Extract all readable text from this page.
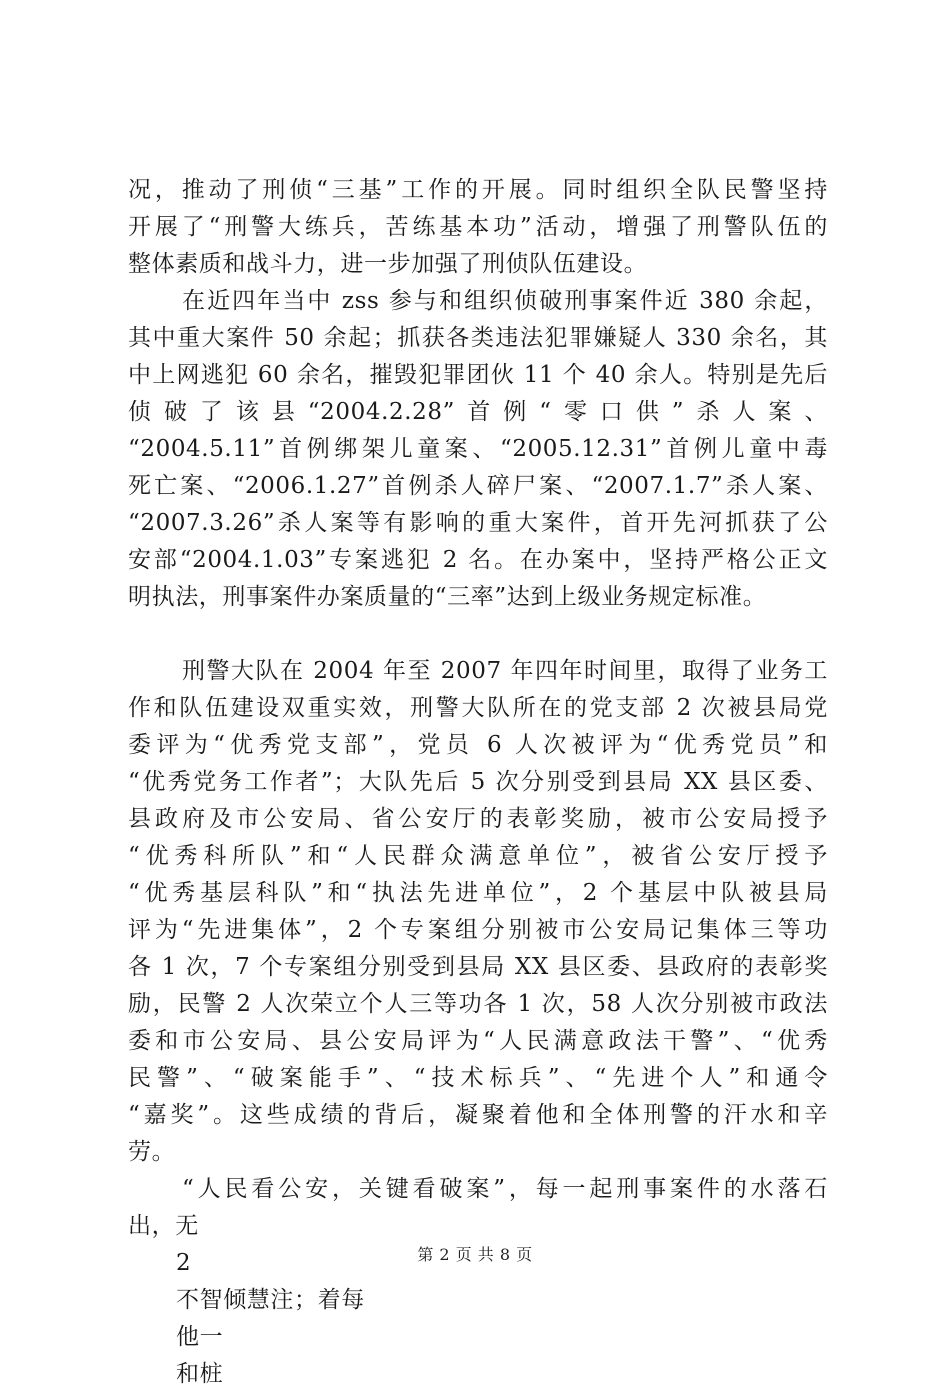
况，推动了刑侦“三基”工作的开展。同时组织全队民警坚持
开展了“刑警大练兵，苦练基本功”活动，增强了刑警队伍的
整体素质和战斗力，进一步加强了刑侦队伍建设。
在近四年当中 zss 参与和组织侦破刑事案件近 380 余起，
其中重大案件 50 余起；抓获各类违法犯罪嫌疑人 330 余名，其
中上网逃犯 60 余名，摧毁犯罪团伙 11 个 40 余人。特别是先后
侦破了该县“2004.2.28”首例“零口供”杀人案、
“2004.5.11”首例绑架儿童案、“2005.12.31”首例儿童中毒
死亡案、“2006.1.27”首例杀人碎尸案、“2007.1.7”杀人案、
“2007.3.26”杀人案等有影响的重大案件，首开先河抓获了公
安部“2004.1.03”专案逃犯 2 名。在办案中，坚持严格公正文
明执法，刑事案件办案质量的“三率”达到上级业务规定标准。
刑警大队在 2004 年至 2007 年四年时间里，取得了业务工
作和队伍建设双重实效，刑警大队所在的党支部 2 次被县局党
委评为“优秀党支部”，党员 6 人次被评为“优秀党员”和
“优秀党务工作者”；大队先后 5 次分别受到县局 XX 县区委、
县政府及市公安局、省公安厅的表彰奖励，被市公安局授予
“优秀科所队”和“人民群众满意单位”，被省公安厅授予
“优秀基层科队”和“执法先进单位”，2 个基层中队被县局
评为“先进集体”，2 个专案组分别被市公安局记集体三等功
各 1 次，7 个专案组分别受到县局 XX 县区委、县政府的表彰奖
励，民警 2 人次荣立个人三等功各 1 次，58 人次分别被市政法
委和市公安局、县公安局评为“人民满意政法干警”、“优秀
民警”、“破案能手”、“技术标兵”、“先进个人”和通令
“嘉奖”。这些成绩的背后，凝聚着他和全体刑警的汗水和辛
劳。
“人民看公安，关键看破案”，每一起刑事案件的水落石
出，无
2
不智倾慧注；着每
他一
和桩
第 2 页 共 8 页
